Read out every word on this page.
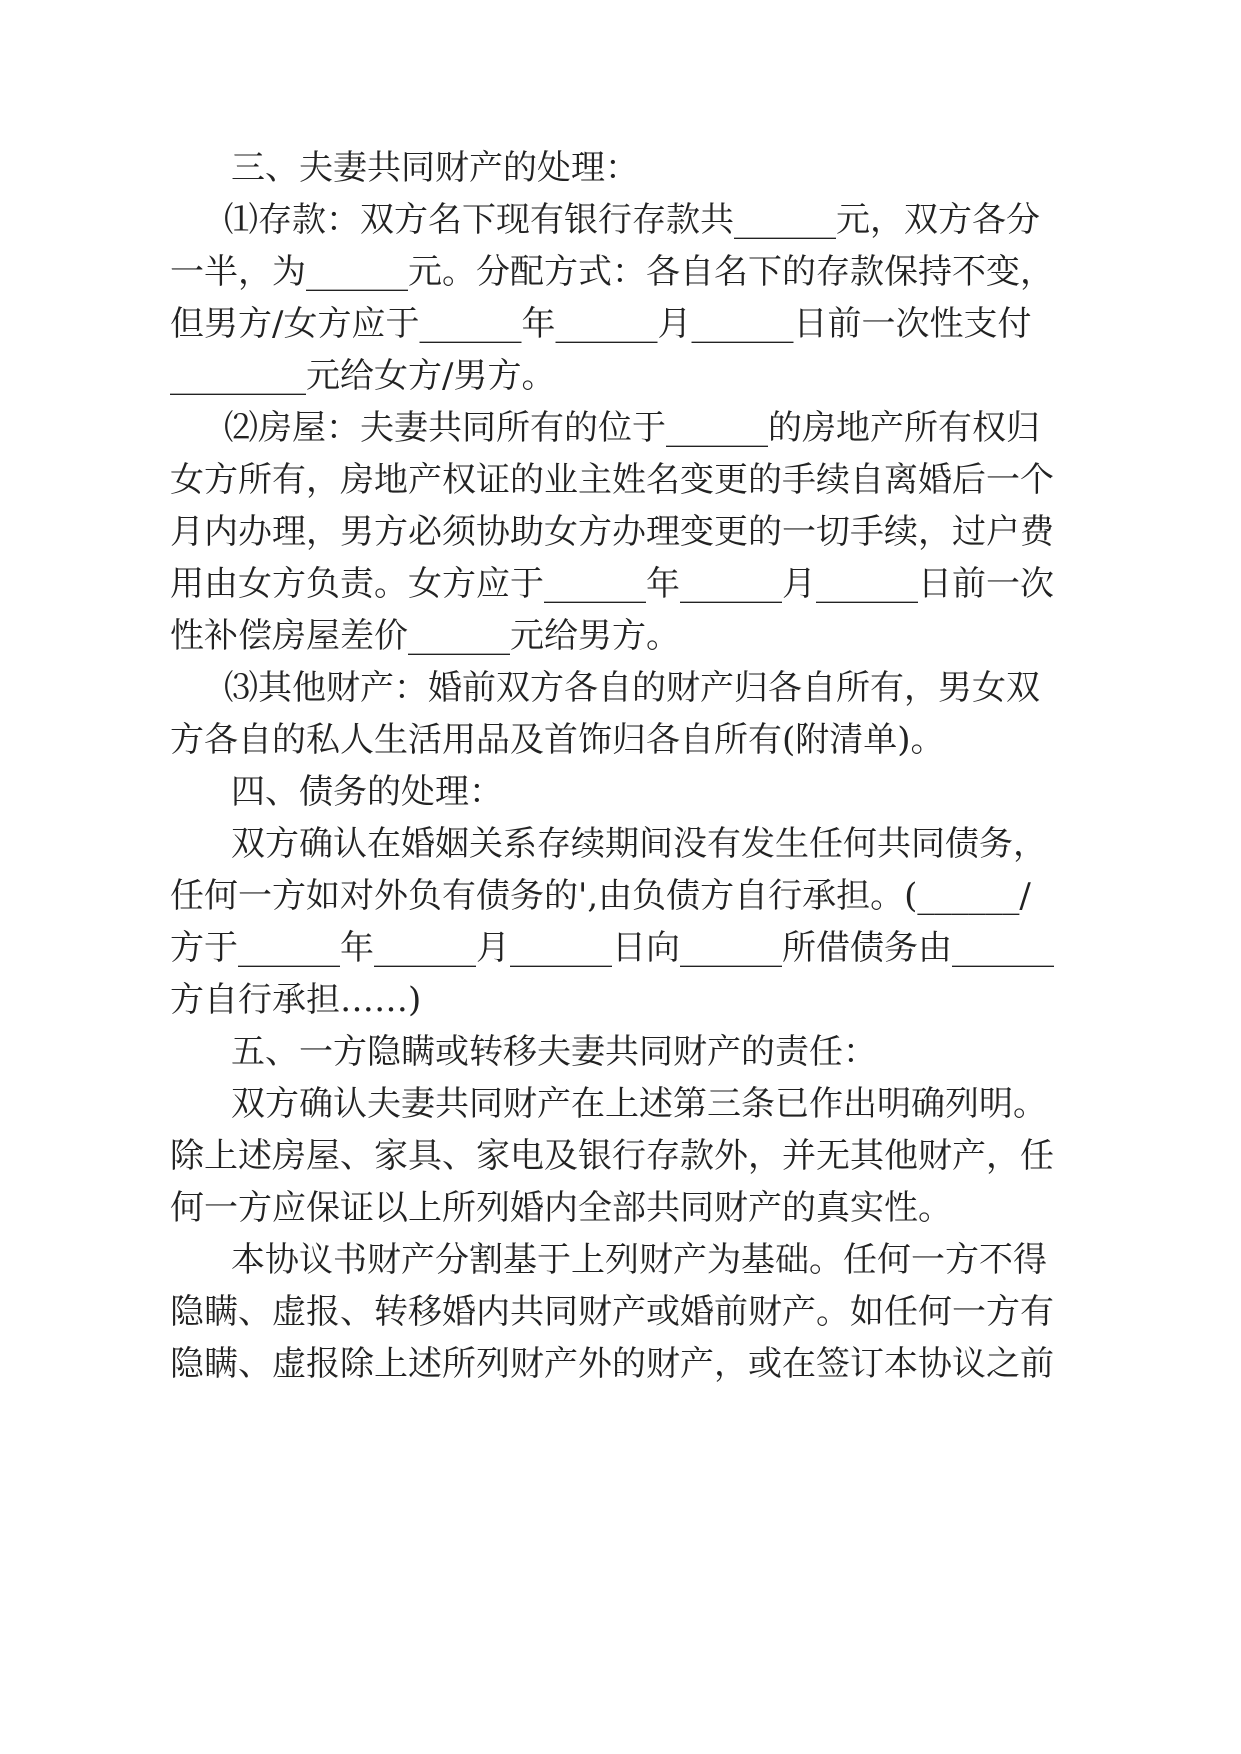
三、夫妻共同财产的处理：
⑴存款：双方名下现有银行存款共______元，双方各分
一半，为______元。分配方式：各自名下的存款保持不变，
但男方/女方应于______年______月______日前一次性支付
________元给女方/男方。
⑵房屋：夫妻共同所有的位于______的房地产所有权归
女方所有，房地产权证的业主姓名变更的手续自离婚后一个
月内办理，男方必须协助女方办理变更的一切手续，过户费
用由女方负责。女方应于______年______月______日前一次
性补偿房屋差价______元给男方。
⑶其他财产：婚前双方各自的财产归各自所有，男女双
方各自的私人生活用品及首饰归各自所有(附清单)。
四、债务的处理：
双方确认在婚姻关系存续期间没有发生任何共同债务，
任何一方如对外负有债务的',由负债方自行承担。(______/
方于______年______月______日向______所借债务由______
方自行承担……)
五、一方隐瞒或转移夫妻共同财产的责任：
双方确认夫妻共同财产在上述第三条已作出明确列明。
除上述房屋、家具、家电及银行存款外，并无其他财产，任
何一方应保证以上所列婚内全部共同财产的真实性。
本协议书财产分割基于上列财产为基础。任何一方不得
隐瞒、虚报、转移婚内共同财产或婚前财产。如任何一方有
隐瞒、虚报除上述所列财产外的财产，或在签订本协议之前
